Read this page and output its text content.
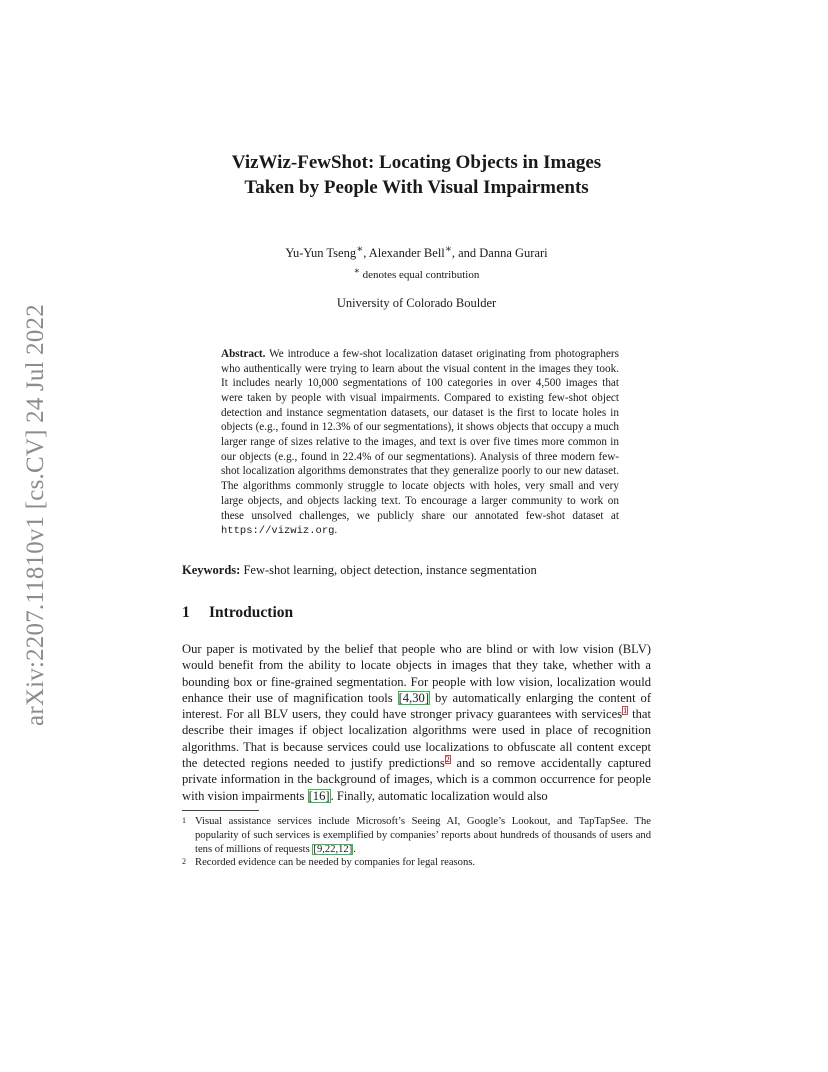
arXiv:2207.11810v1 [cs.CV] 24 Jul 2022
VizWiz-FewShot: Locating Objects in Images
Taken by People With Visual Impairments
Yu-Yun Tseng∗, Alexander Bell∗, and Danna Gurari
∗ denotes equal contribution
University of Colorado Boulder
Abstract. We introduce a few-shot localization dataset originating from photographers who authentically were trying to learn about the visual content in the images they took. It includes nearly 10,000 segmentations of 100 categories in over 4,500 images that were taken by people with visual impairments. Compared to existing few-shot object detection and instance segmentation datasets, our dataset is the first to locate holes in objects (e.g., found in 12.3% of our segmentations), it shows objects that occupy a much larger range of sizes relative to the images, and text is over five times more common in our objects (e.g., found in 22.4% of our segmentations). Analysis of three modern few-shot localization algorithms demonstrates that they generalize poorly to our new dataset. The algorithms commonly struggle to locate objects with holes, very small and very large objects, and objects lacking text. To encourage a larger community to work on these unsolved challenges, we publicly share our annotated few-shot dataset at https://vizwiz.org.
Keywords: Few-shot learning, object detection, instance segmentation
1 Introduction
Our paper is motivated by the belief that people who are blind or with low vision (BLV) would benefit from the ability to locate objects in images that they take, whether with a bounding box or fine-grained segmentation. For people with low vision, localization would enhance their use of magnification tools [4,30] by automatically enlarging the content of interest. For all BLV users, they could have stronger privacy guarantees with services$^1$ that describe their images if object localization algorithms were used in place of recognition algorithms. That is because services could use localizations to obfuscate all content except the detected regions needed to justify predictions$^2$ and so remove accidentally captured private information in the background of images, which is a common occurrence for people with vision impairments [16]. Finally, automatic localization would also
1 Visual assistance services include Microsoft’s Seeing AI, Google’s Lookout, and TapTapSee. The popularity of such services is exemplified by companies’ reports about hundreds of thousands of users and tens of millions of requests [9,22,12].
2 Recorded evidence can be needed by companies for legal reasons.
